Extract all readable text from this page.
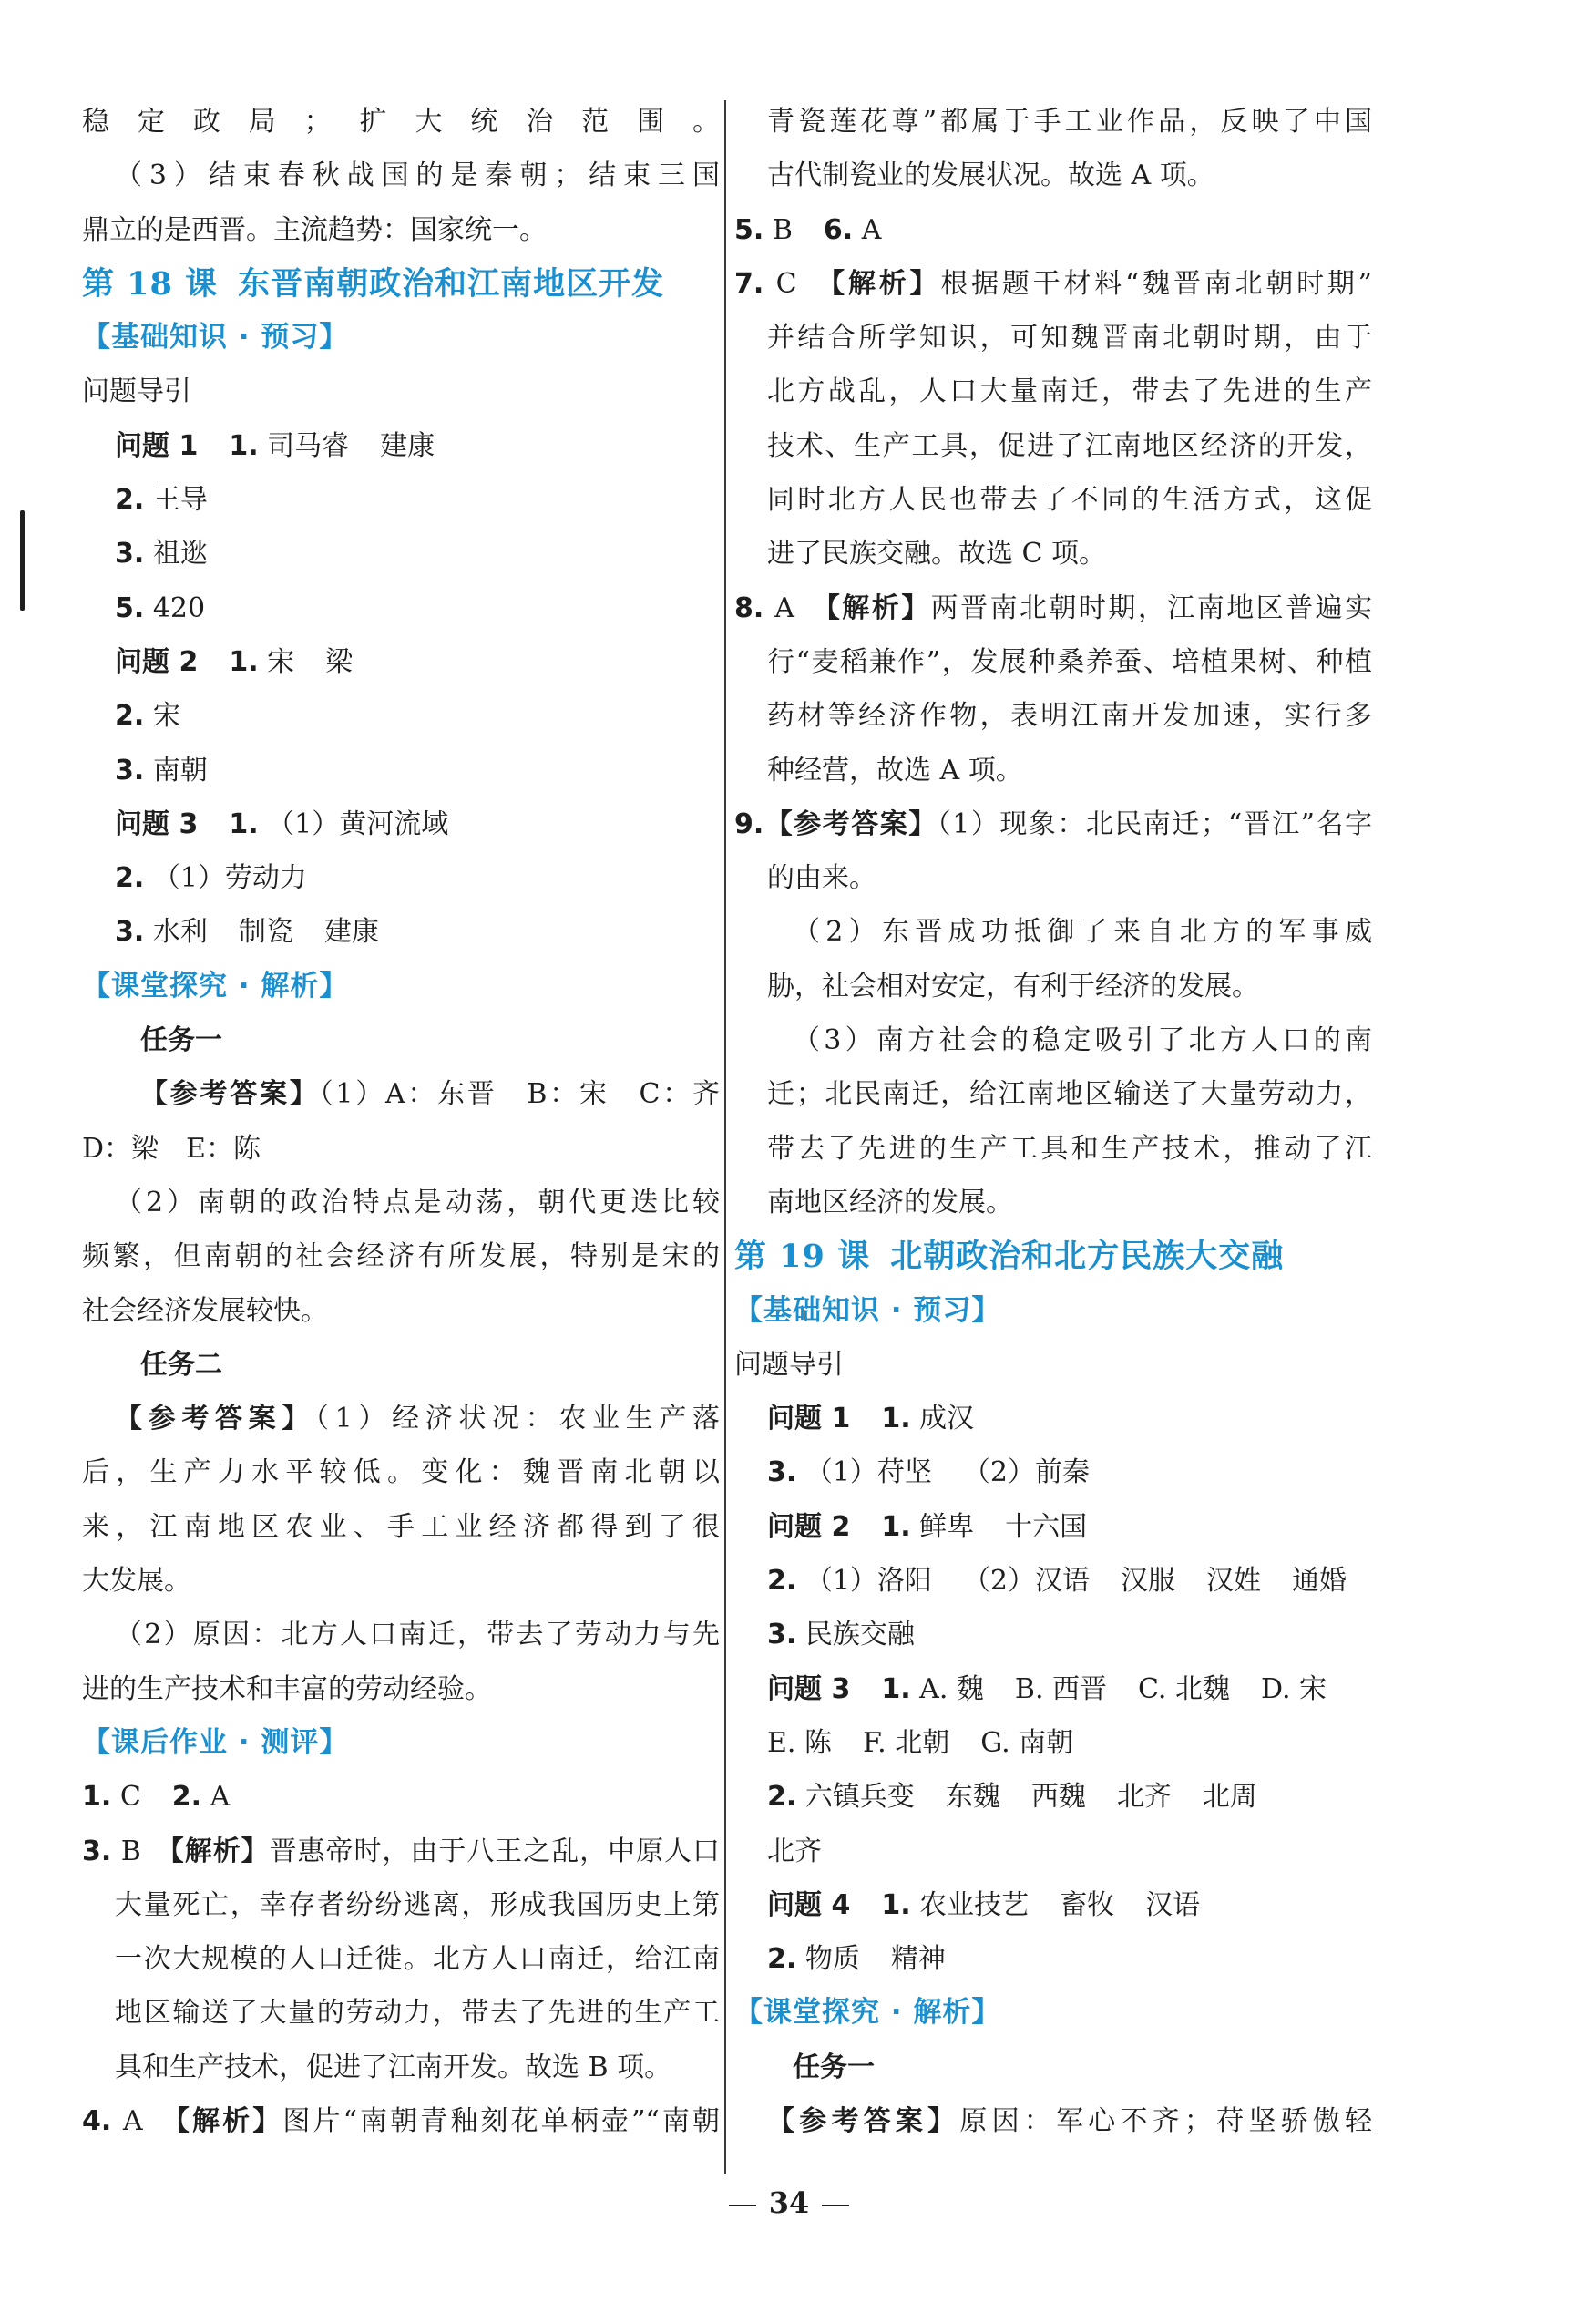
稳定政局；扩大统治范围。
（3）结束春秋战国的是秦朝；结束三国
鼎立的是西晋。主流趋势：国家统一。
第 18 课 东晋南朝政治和江南地区开发
【基础知识 · 预习】
问题导引
问题 1 1. 司马睿 建康
2. 王导
3. 祖逖
5. 420
问题 2 1. 宋 梁
2. 宋
3. 南朝
问题 3 1. （1）黄河流域
2. （1）劳动力
3. 水利 制瓷 建康
【课堂探究 · 解析】
任务一
【参考答案】（1）A：东晋　B：宋　C：齐
D：梁　E：陈
（2）南朝的政治特点是动荡，朝代更迭比较
频繁，但南朝的社会经济有所发展，特别是宋的
社会经济发展较快。
任务二
【参考答案】（1）经济状况：农业生产落
后，生产力水平较低。变化：魏晋南北朝以
来，江南地区农业、手工业经济都得到了很
大发展。
（2）原因：北方人口南迁，带去了劳动力与先
进的生产技术和丰富的劳动经验。
【课后作业 · 测评】
1. C 2. A
3. B　 【解析】晋惠帝时，由于八王之乱，中原人口
大量死亡，幸存者纷纷逃离，形成我国历史上第
一次大规模的人口迁徙。北方人口南迁，给江南
地区输送了大量的劳动力，带去了先进的生产工
具和生产技术，促进了江南开发。故选 B 项。
4. A　 【解析】图片“南朝青釉刻花单柄壶”“南朝
青瓷莲花尊”都属于手工业作品，反映了中国
古代制瓷业的发展状况。故选 A 项。
5. B 6. A
7. C　 【解析】根据题干材料“魏晋南北朝时期”
并结合所学知识，可知魏晋南北朝时期，由于
北方战乱，人口大量南迁，带去了先进的生产
技术、生产工具，促进了江南地区经济的开发，
同时北方人民也带去了不同的生活方式，这促
进了民族交融。故选 C 项。
8. A　 【解析】两晋南北朝时期，江南地区普遍实
行“麦稻兼作”，发展种桑养蚕、培植果树、种植
药材等经济作物，表明江南开发加速，实行多
种经营，故选 A 项。
9.【参考答案】（1）现象：北民南迁；“晋江”名字
的由来。
（2）东晋成功抵御了来自北方的军事威
胁，社会相对安定，有利于经济的发展。
（3）南方社会的稳定吸引了北方人口的南
迁；北民南迁，给江南地区输送了大量劳动力，
带去了先进的生产工具和生产技术，推动了江
南地区经济的发展。
第 19 课 北朝政治和北方民族大交融
【基础知识 · 预习】
问题导引
问题 1 1. 成汉
3. （1）苻坚 （2）前秦
问题 2 1. 鲜卑 十六国
2. （1）洛阳 （2）汉语 汉服 汉姓 通婚
3. 民族交融
问题 3 1. A. 魏 B. 西晋 C. 北魏 D. 宋
E. 陈 F. 北朝 G. 南朝
2. 六镇兵变 东魏 西魏 北齐 北周
北齐
问题 4 1. 农业技艺 畜牧 汉语
2. 物质 精神
【课堂探究 · 解析】
任务一
【参考答案】原因：军心不齐；苻坚骄傲轻
34
